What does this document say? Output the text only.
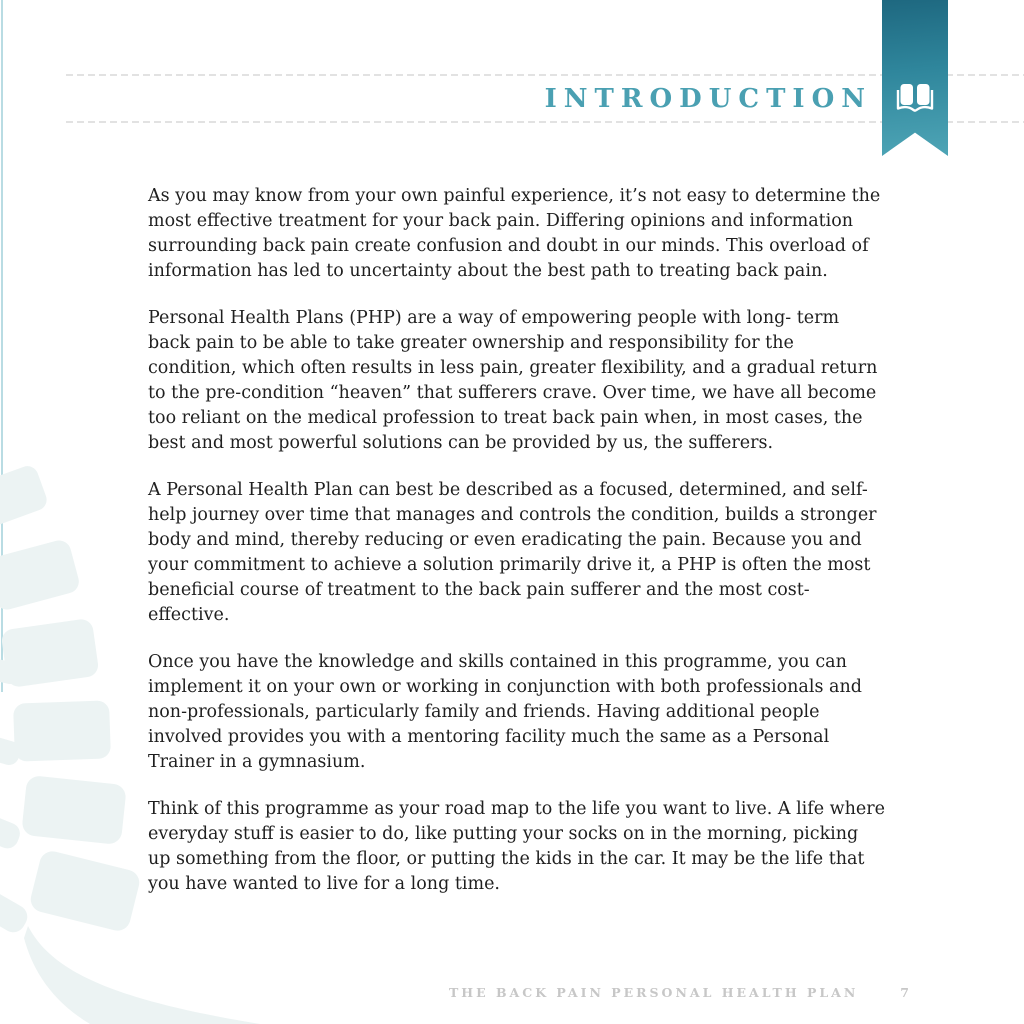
INTRODUCTION

As you may know from your own painful experience, it’s not easy to determine the most effective treatment for your back pain. Differing opinions and information surrounding back pain create confusion and doubt in our minds. This overload of information has led to uncertainty about the best path to treating back pain.

Personal Health Plans (PHP) are a way of empowering people with long- term back pain to be able to take greater ownership and responsibility for the condition, which often results in less pain, greater flexibility, and a gradual return to the pre-condition “heaven” that sufferers crave. Over time, we have all become too reliant on the medical profession to treat back pain when, in most cases, the best and most powerful solutions can be provided by us, the sufferers.

A Personal Health Plan can best be described as a focused, determined, and self-help journey over time that manages and controls the condition, builds a stronger body and mind, thereby reducing or even eradicating the pain. Because you and your commitment to achieve a solution primarily drive it, a PHP is often the most beneficial course of treatment to the back pain sufferer and the most cost-effective.

Once you have the knowledge and skills contained in this programme, you can implement it on your own or working in conjunction with both professionals and non-professionals, particularly family and friends. Having additional people involved provides you with a mentoring facility much the same as a Personal Trainer in a gymnasium.

Think of this programme as your road map to the life you want to live. A life where everyday stuff is easier to do, like putting your socks on in the morning, picking up something from the floor, or putting the kids in the car. It may be the life that you have wanted to live for a long time.

THE BACK PAIN PERSONAL HEALTH PLAN	7
